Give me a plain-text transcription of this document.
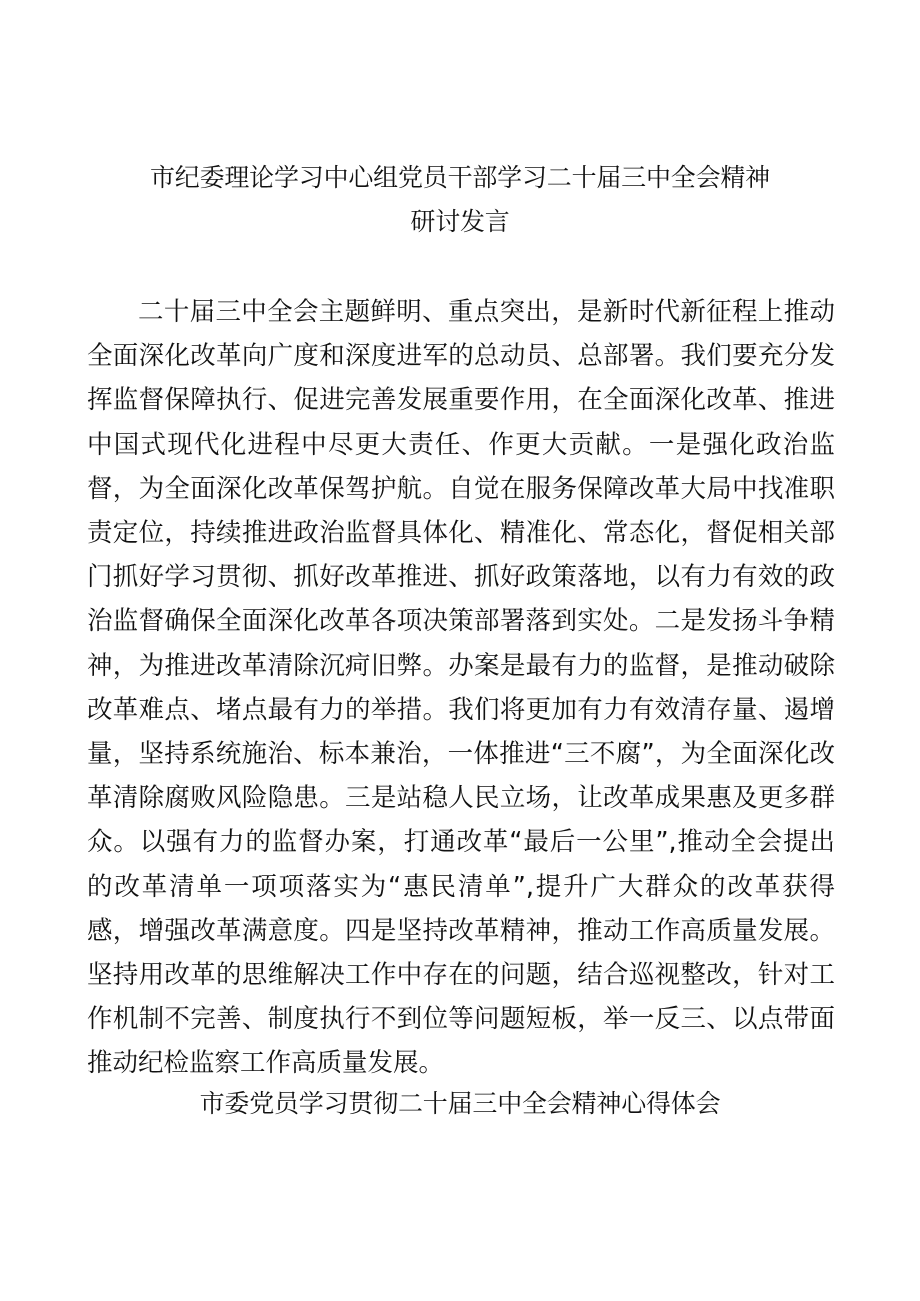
市纪委理论学习中心组党员干部学习二十届三中全会精神研讨发言

二十届三中全会主题鲜明、重点突出，是新时代新征程上推动全面深化改革向广度和深度进军的总动员、总部署。我们要充分发挥监督保障执行、促进完善发展重要作用，在全面深化改革、推进中国式现代化进程中尽更大责任、作更大贡献。一是强化政治监督，为全面深化改革保驾护航。自觉在服务保障改革大局中找准职责定位，持续推进政治监督具体化、精准化、常态化，督促相关部门抓好学习贯彻、抓好改革推进、抓好政策落地，以有力有效的政治监督确保全面深化改革各项决策部署落到实处。二是发扬斗争精神，为推进改革清除沉疴旧弊。办案是最有力的监督，是推动破除改革难点、堵点最有力的举措。我们将更加有力有效清存量、遏增量，坚持系统施治、标本兼治，一体推进“三不腐”，为全面深化改革清除腐败风险隐患。三是站稳人民立场，让改革成果惠及更多群众。以强有力的监督办案，打通改革“最后一公里”,推动全会提出的改革清单一项项落实为“惠民清单”,提升广大群众的改革获得感，增强改革满意度。四是坚持改革精神，推动工作高质量发展。坚持用改革的思维解决工作中存在的问题，结合巡视整改，针对工作机制不完善、制度执行不到位等问题短板，举一反三、以点带面推动纪检监察工作高质量发展。

市委党员学习贯彻二十届三中全会精神心得体会
